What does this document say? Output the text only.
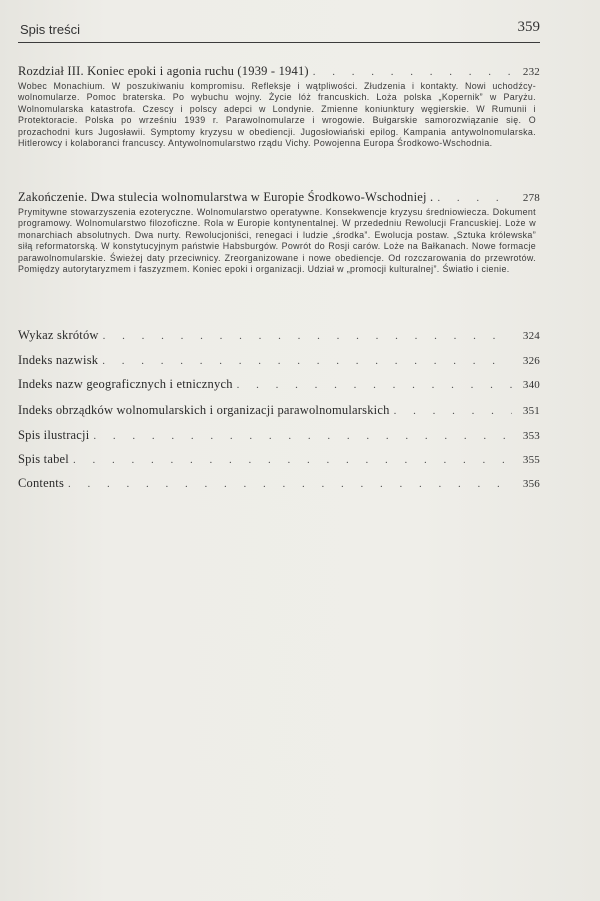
Spis treści	359
Rozdział III. Koniec epoki i agonia ruchu (1939 - 1941) . . .	232
Wobec Monachium. W poszukiwaniu kompromisu. Refleksje i wątpliwości. Złudzenia i kontakty. Nowi uchodźcy-wolnomularze. Pomoc braterska. Po wybuchu wojny. Życie lóż francuskich. Loża polska „Kopernik” w Paryżu. Wolnomularska katastrofa. Czescy i polscy adepci w Londynie. Zmienne koniunktury węgierskie. W Rumunii i Protektoracie. Polska po wrześniu 1939 r. Parawolnomularze i wrogowie. Bułgarskie samorozwiązanie się. O prozachodni kurs Jugosławii. Symptomy kryzysu w obediencji. Jugosłowiański epilog. Kampania antywolnomularska. Hitlerowcy i kolaboranci francuscy. Antywolnomularstwo rządu Vichy. Powojenna Europa Środkowo-Wschodnia.
Zakończenie. Dwa stulecia wolnomularstwa w Europie Środkowo-Wschodniej . . . .	278
Prymitywne stowarzyszenia ezoteryczne. Wolnomularstwo operatywne. Konsekwencje kryzysu średniowiecza. Dokument programowy. Wolnomularstwo filozoficzne. Rola w Europie kontynentalnej. W przededniu Rewolucji Francuskiej. Loże w monarchiach absolutnych. Dwa nurty. Rewolucjoniści, renegaci i ludzie „środka”. Ewolucja postaw. „Sztuka królewska” siłą reformatorską. W konstytucyjnym państwie Habsburgów. Powrót do Rosji carów. Loże na Bałkanach. Nowe formacje parawolnomularskie. Świeżej daty przeciwnicy. Zreorganizowane i nowe obediencje. Od rozczarowania do przewrotów. Pomiędzy autorytaryzmem i faszyzmem. Koniec epoki i organizacji. Udział w „promocji kulturalnej”. Światło i cienie.
Wykaz skrótów . . .	324
Indeks nazwisk . . .	326
Indeks nazw geograficznych i etnicznych . . .	340
Indeks obrządków wolnomularskich i organizacji parawolnomularskich . . .	351
Spis ilustracji . . .	353
Spis tabel . . .	355
Contents . . .	356
